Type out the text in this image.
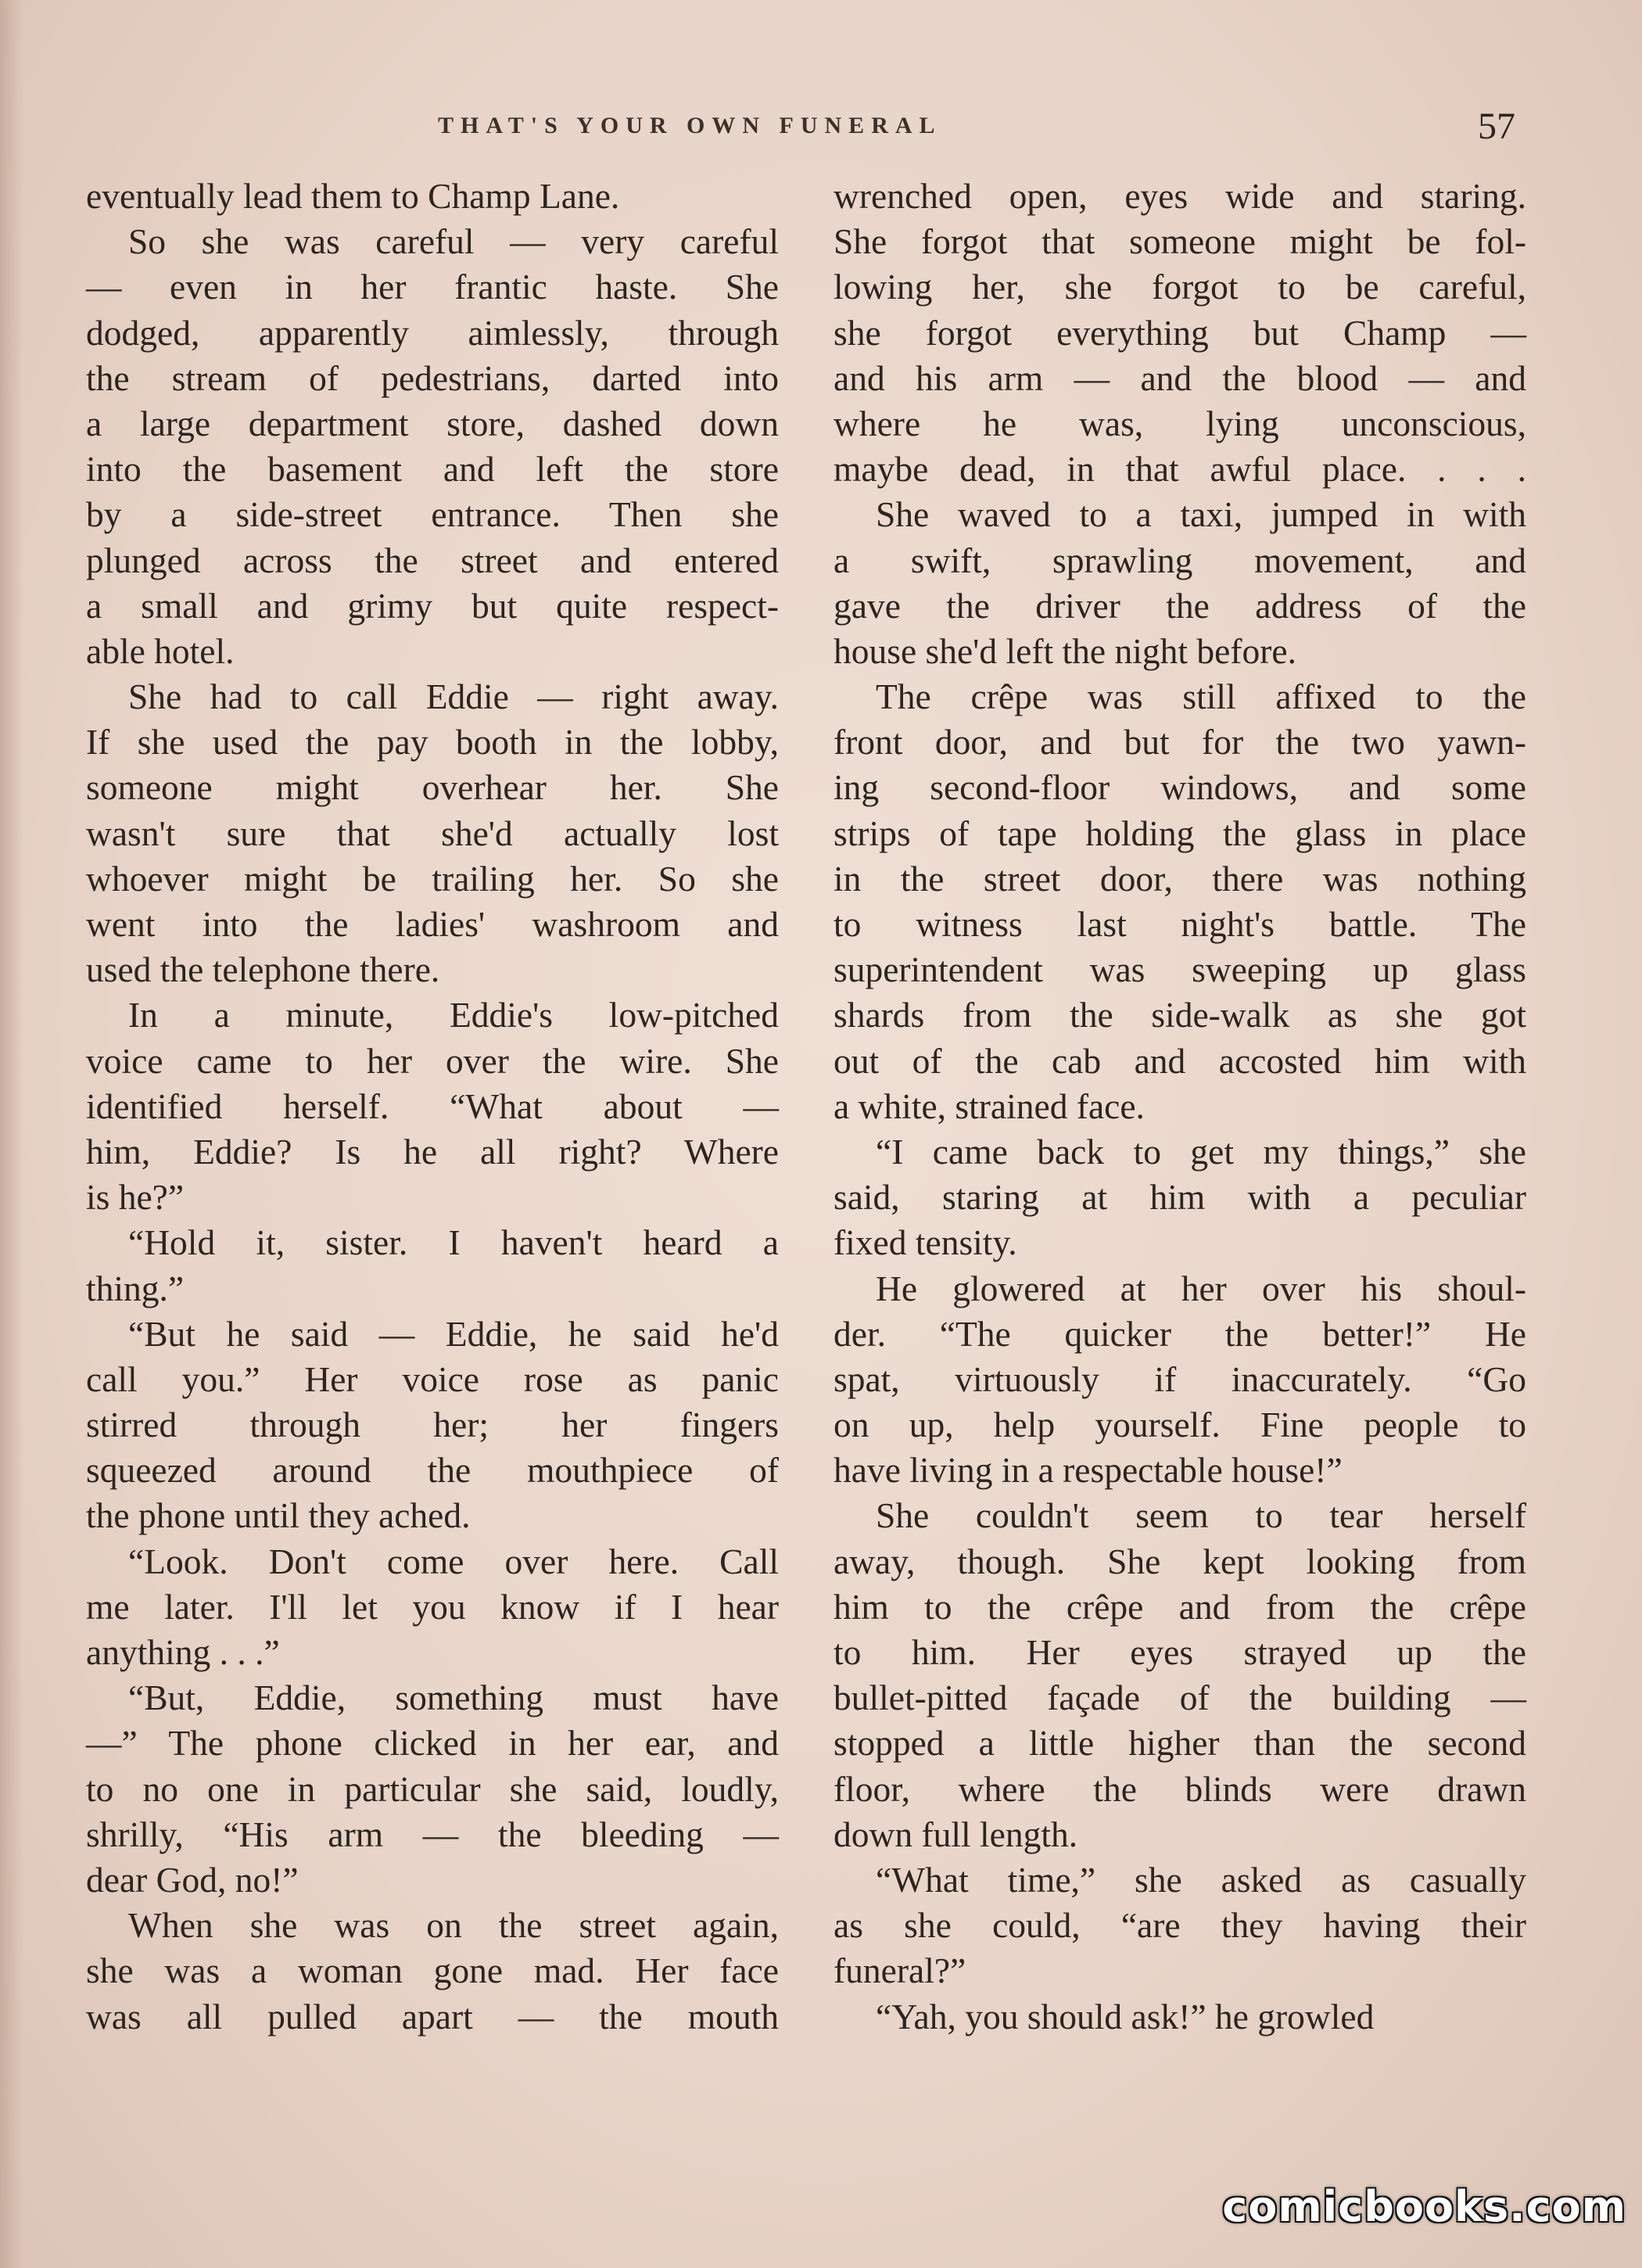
THAT'S YOUR OWN FUNERAL	57
eventually lead them to Champ Lane.
So she was careful — very careful
— even in her frantic haste. She
dodged, apparently aimlessly, through
the stream of pedestrians, darted into
a large department store, dashed down
into the basement and left the store
by a side-street entrance. Then she
plunged across the street and entered
a small and grimy but quite respect-
able hotel.
She had to call Eddie — right away.
If she used the pay booth in the lobby,
someone might overhear her. She
wasn't sure that she'd actually lost
whoever might be trailing her. So she
went into the ladies' washroom and
used the telephone there.
In a minute, Eddie's low-pitched
voice came to her over the wire. She
identified herself. “What about —
him, Eddie? Is he all right? Where
is he?”
“Hold it, sister. I haven't heard a
thing.”
“But he said — Eddie, he said he'd
call you.” Her voice rose as panic
stirred through her; her fingers
squeezed around the mouthpiece of
the phone until they ached.
“Look. Don't come over here. Call
me later. I'll let you know if I hear
anything . . .”
“But, Eddie, something must have
—” The phone clicked in her ear, and
to no one in particular she said, loudly,
shrilly, “His arm — the bleeding —
dear God, no!”
When she was on the street again,
she was a woman gone mad. Her face
was all pulled apart — the mouth
wrenched open, eyes wide and staring.
She forgot that someone might be fol-
lowing her, she forgot to be careful,
she forgot everything but Champ —
and his arm — and the blood — and
where he was, lying unconscious,
maybe dead, in that awful place. . . .
She waved to a taxi, jumped in with
a swift, sprawling movement, and
gave the driver the address of the
house she'd left the night before.
The crêpe was still affixed to the
front door, and but for the two yawn-
ing second-floor windows, and some
strips of tape holding the glass in place
in the street door, there was nothing
to witness last night's battle. The
superintendent was sweeping up glass
shards from the side-walk as she got
out of the cab and accosted him with
a white, strained face.
“I came back to get my things,” she
said, staring at him with a peculiar
fixed tensity.
He glowered at her over his shoul-
der. “The quicker the better!” He
spat, virtuously if inaccurately. “Go
on up, help yourself. Fine people to
have living in a respectable house!”
She couldn't seem to tear herself
away, though. She kept looking from
him to the crêpe and from the crêpe
to him. Her eyes strayed up the
bullet-pitted façade of the building —
stopped a little higher than the second
floor, where the blinds were drawn
down full length.
“What time,” she asked as casually
as she could, “are they having their
funeral?”
“Yah, you should ask!” he growled
comicbooks.com
